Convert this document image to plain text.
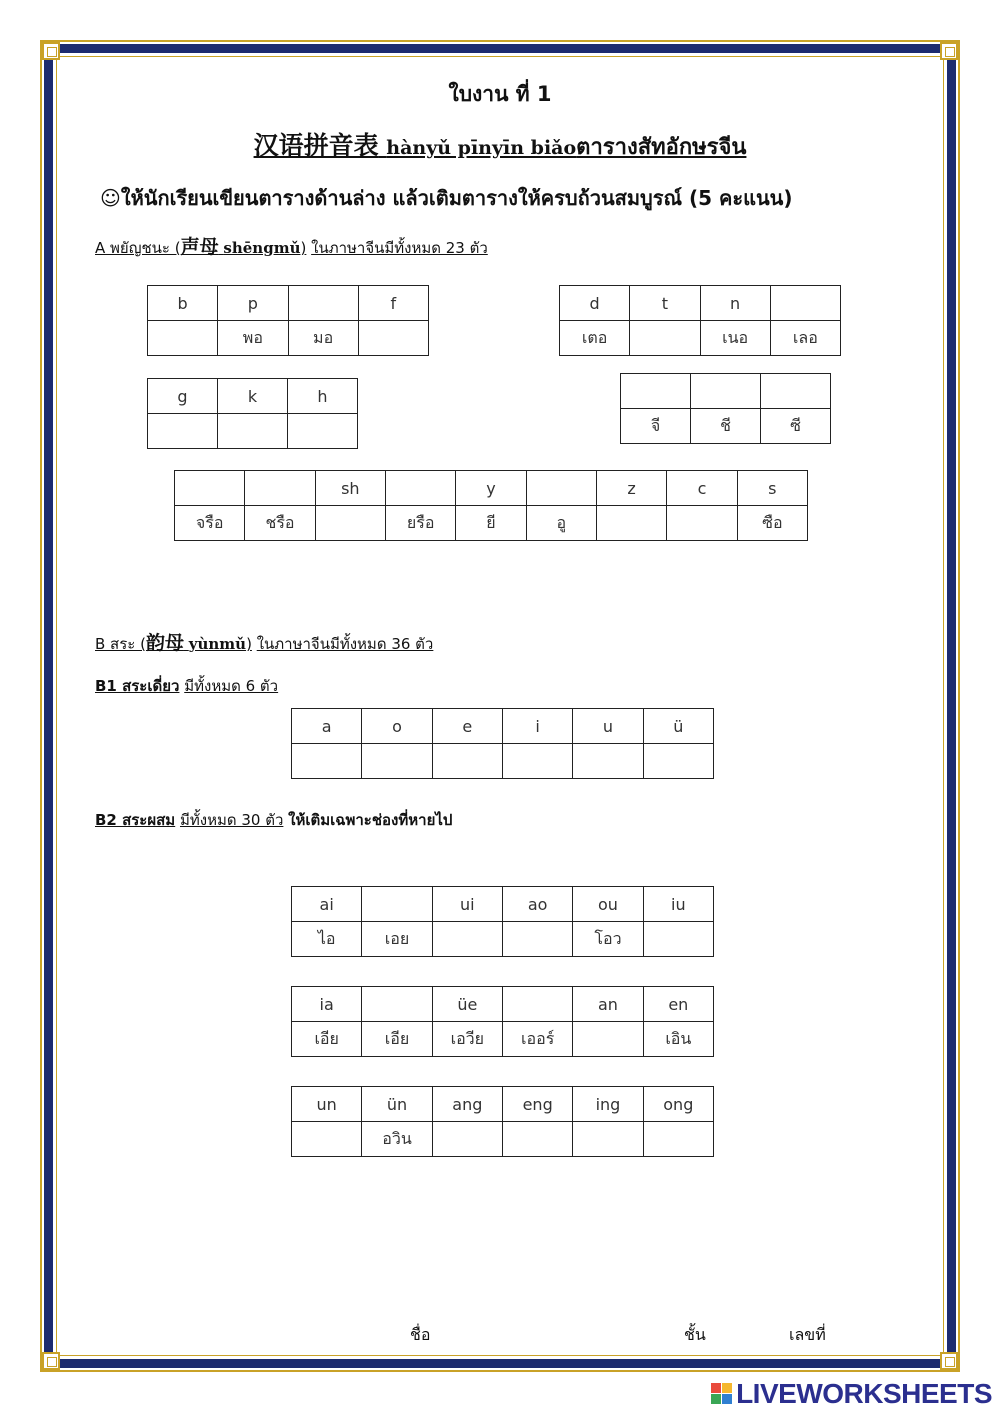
ใบงาน ที่ 1
汉语拼音表 hànyǔ pīnyīn biǎoตารางสัทอักษรจีน
☺ให้นักเรียนเขียนตารางด้านล่าง แล้วเติมตารางให้ครบถ้วนสมบูรณ์ (5 คะแนน)
A พยัญชนะ (声母 shēngmǔ) ในภาษาจีนมีทั้งหมด 23 ตัว
b	p		f
	พอ	มอ	
d	t	n	
เตอ		เนอ	เลอ
g	k	h

จี	ชี	ซี
		sh		y		z	c	s
จรือ	ชรือ		ยรือ	ยี	อู			ซือ
B สระ (韵母 yùnmǔ) ในภาษาจีนมีทั้งหมด 36 ตัว
B1 สระเดี่ยว มีทั้งหมด 6 ตัว
a	o	e	i	u	ü

B2 สระผสม มีทั้งหมด 30 ตัว ให้เติมเฉพาะช่องที่หายไป
ai		ui	ao	ou	iu
ไอ	เอย			โอว	
ia		üe		an	en
เอีย	เอีย	เอวีย	เออร์		เอิน
un	ün	ang	eng	ing	ong
	อวิน				
ชื่อ	ชั้น	เลขที่
LIVEWORKSHEETS
